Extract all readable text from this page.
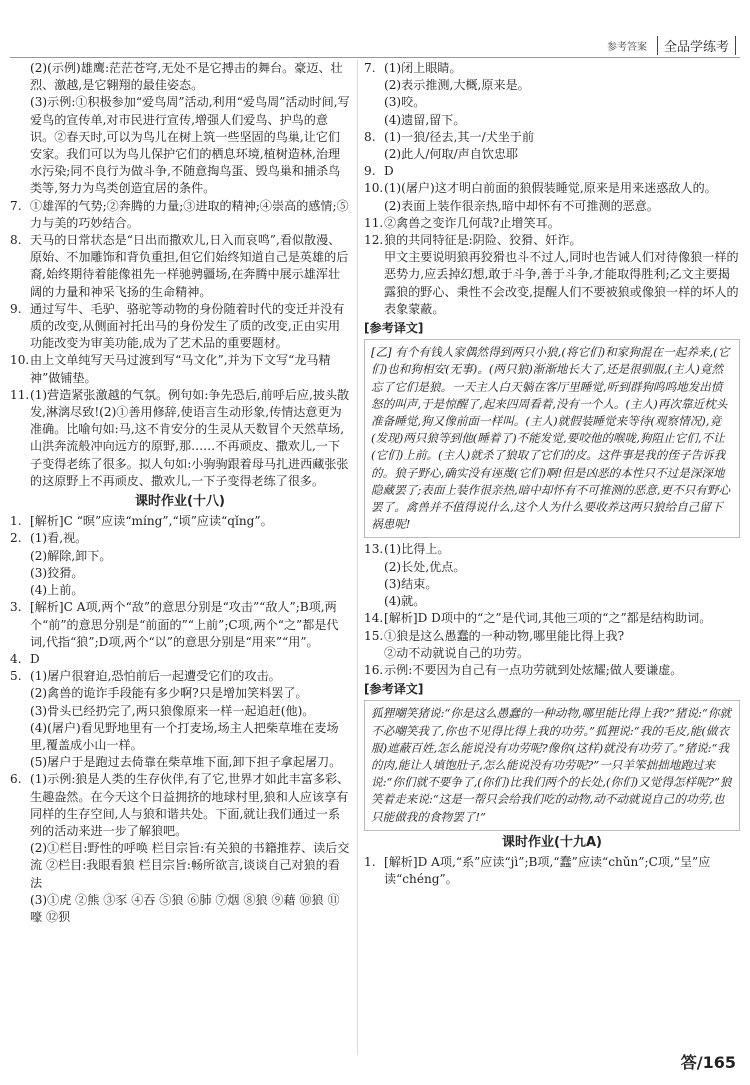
参考答案	全品学练考
(2)(示例)雄鹰:茫茫苍穹,无处不是它搏击的舞台。豪迈、壮烈、激越,是它翱翔的最佳姿态。
(3)示例:①积极参加“爱鸟周”活动,利用“爱鸟周”活动时间,写爱鸟的宣传单,对市民进行宣传,增强人们爱鸟、护鸟的意识。②春天时,可以为鸟儿在树上筑一些坚固的鸟巢,让它们安家。我们可以为鸟儿保护它们的栖息环境,植树造林,治理水污染;同不良行为做斗争,不随意掏鸟蛋、毁鸟巢和捕杀鸟类等,努力为鸟类创造宜居的条件。
7. ①雄浑的气势;②奔腾的力量;③进取的精神;④崇高的感情;⑤力与美的巧妙结合。
8. 天马的日常状态是“日出而撒欢儿,日入而哀鸣”,看似散漫、原始、不加雕饰和背负重担,但它们始终知道自己是英雄的后裔,始终期待着能像祖先一样驰骋疆场,在奔腾中展示雄浑壮阔的力量和神采飞扬的生命精神。
9. 通过写牛、毛驴、骆驼等动物的身份随着时代的变迁并没有质的改变,从侧面衬托出马的身份发生了质的改变,正由实用功能改变为审美功能,成为了艺术品的重要题材。
10. 由上文单纯写天马过渡到写“马文化”,并为下文写“龙马精神”做铺垫。
11. (1)营造紧张激越的气氛。例句如:争先恐后,前呼后应,披头散发,淋漓尽致!(2)①善用修辞,使语言生动形象,传情达意更为准确。比喻句如:马,这不肯安分的生灵从天数冒个天然草场,山洪奔流般冲向远方的原野,那……不再顽皮、撒欢儿,一下子变得老练了很多。拟人句如:小驹驹跟着母马扎进西藏张张的这原野上不再顽皮、撒欢儿,一下子变得老练了很多。
课时作业(十八)
1. [解析]C “暝”应读“míng”,“顷”应读“qǐng”。
2. (1)看,视。
(2)解除,卸下。
(3)狡猾。
(4)上前。
3. [解析]C A项,两个“敌”的意思分别是“攻击”“敌人”;B项,两个“前”的意思分别是“前面的”“上前”;C项,两个“之”都是代词,代指“狼”;D项,两个“以”的意思分别是“用来”“用”。
4. D
5. (1)屠户很窘迫,恐怕前后一起遭受它们的攻击。
(2)禽兽的诡诈手段能有多少啊?只是增加笑料罢了。
(3)骨头已经扔完了,两只狼像原来一样一起追赶(他)。
(4)(屠户)看见野地里有一个打麦场,场主人把柴草堆在麦场里,覆盖成小山一样。
(5)屠户于是跑过去倚靠在柴草堆下面,卸下担子拿起屠刀。
6. (1)示例:狼是人类的生存伙伴,有了它,世界才如此丰富多彩、生趣盎然。在今天这个日益拥挤的地球村里,狼和人应该享有同样的生存空间,人与狼和谐共处。下面,就让我们通过一系列的活动来进一步了解狼吧。
(2)①栏目:野性的呼唤 栏目宗旨:有关狼的书籍推荐、读后交流 ②栏目:我眼看狼 栏目宗旨:畅所欲言,谈谈自己对狼的看法
(3)①虎 ②熊 ③豕 ④吞 ⑤狼 ⑥肺 ⑦烟 ⑧狼 ⑨藉 ⑩狼 ⑪嚎 ⑫狈
7. (1)闭上眼睛。
(2)表示推测,大概,原来是。
(3)咬。
(4)遗留,留下。
8. (1)一狼/径去,其一/犬坐于前
(2)此人/何取/声自饮忠耶
9. D
10. (1)(屠户)这才明白前面的狼假装睡觉,原来是用来迷惑敌人的。
(2)表面上装作很亲热,暗中却怀有不可推测的恶意。
11. ②禽兽之变诈几何哉?止增笑耳。
12. 狼的共同特征是:阴险、狡猾、奸诈。
甲文主要说明狼再狡猾也斗不过人,同时也告诫人们对待像狼一样的恶势力,应丢掉幻想,敢于斗争,善于斗争,才能取得胜利;乙文主要揭露狼的野心、秉性不会改变,提醒人们不要被狼或像狼一样的坏人的表象蒙蔽。
[参考译文]
[乙] 有个有钱人家偶然得到两只小狼,(将它们)和家狗混在一起养来,(它们)也和狗相安(无事)。(两只狼)渐渐地长大了,还是很驯服,(主人)竟然忘了它们是狼。一天主人白天躺在客厅里睡觉,听到群狗呜呜地发出愤怒的叫声,于是惊醒了,起来四周看着,没有一个人。(主人)再次靠近枕头准备睡觉,狗又像前面一样叫。(主人)就假装睡觉来等待(观察情况),竟(发现)两只狼等到他(睡着了)不能发觉,要咬他的喉咙,狗阻止它们,不让(它们)上前。(主人)就杀了狼取了它们的皮。这件事是我的侄子告诉我的。狼子野心,确实没有诬蔑(它们)啊!但是凶恶的本性只不过是深深地隐藏罢了;表面上装作很亲热,暗中却怀有不可推测的恶意,更不只有野心罢了。禽兽并不值得说什么,这个人为什么要收养这两只狼给自己留下祸患呢!
13. (1)比得上。
(2)长处,优点。
(3)结束。
(4)就。
14. [解析]D D项中的“之”是代词,其他三项的“之”都是结构助词。
15. ①狼是这么愚蠢的一种动物,哪里能比得上我?
②动不动就说自己的功劳。
16. 示例:不要因为自己有一点功劳就到处炫耀;做人要谦虚。
[参考译文]
狐狸嘲笑猪说:“你是这么愚蠢的一种动物,哪里能比得上我?”猪说:“你就不必嘲笑我了,你也不见得比得上我的功劳。”狐狸说:“我的毛皮,能(做衣服)遮蔽百姓,怎么能说没有功劳呢?像你(这样)就没有功劳了。”猪说:“我的肉,能让人填饱肚子,怎么能说没有功劳呢?”一只羊笨拙拙地跑过来说:“你们就不要争了,(你们)比我们两个的长处,(你们)又觉得怎样呢?”狼笑着走来说:“这是一帮只会给我们吃的动物,动不动就说自己的功劳,也只能做我的食物罢了!”
课时作业(十九A)
1. [解析]D A项,“系”应读“jì”;B项,“蠢”应读“chǔn”;C项,“呈”应读“chéng”。
答/165
